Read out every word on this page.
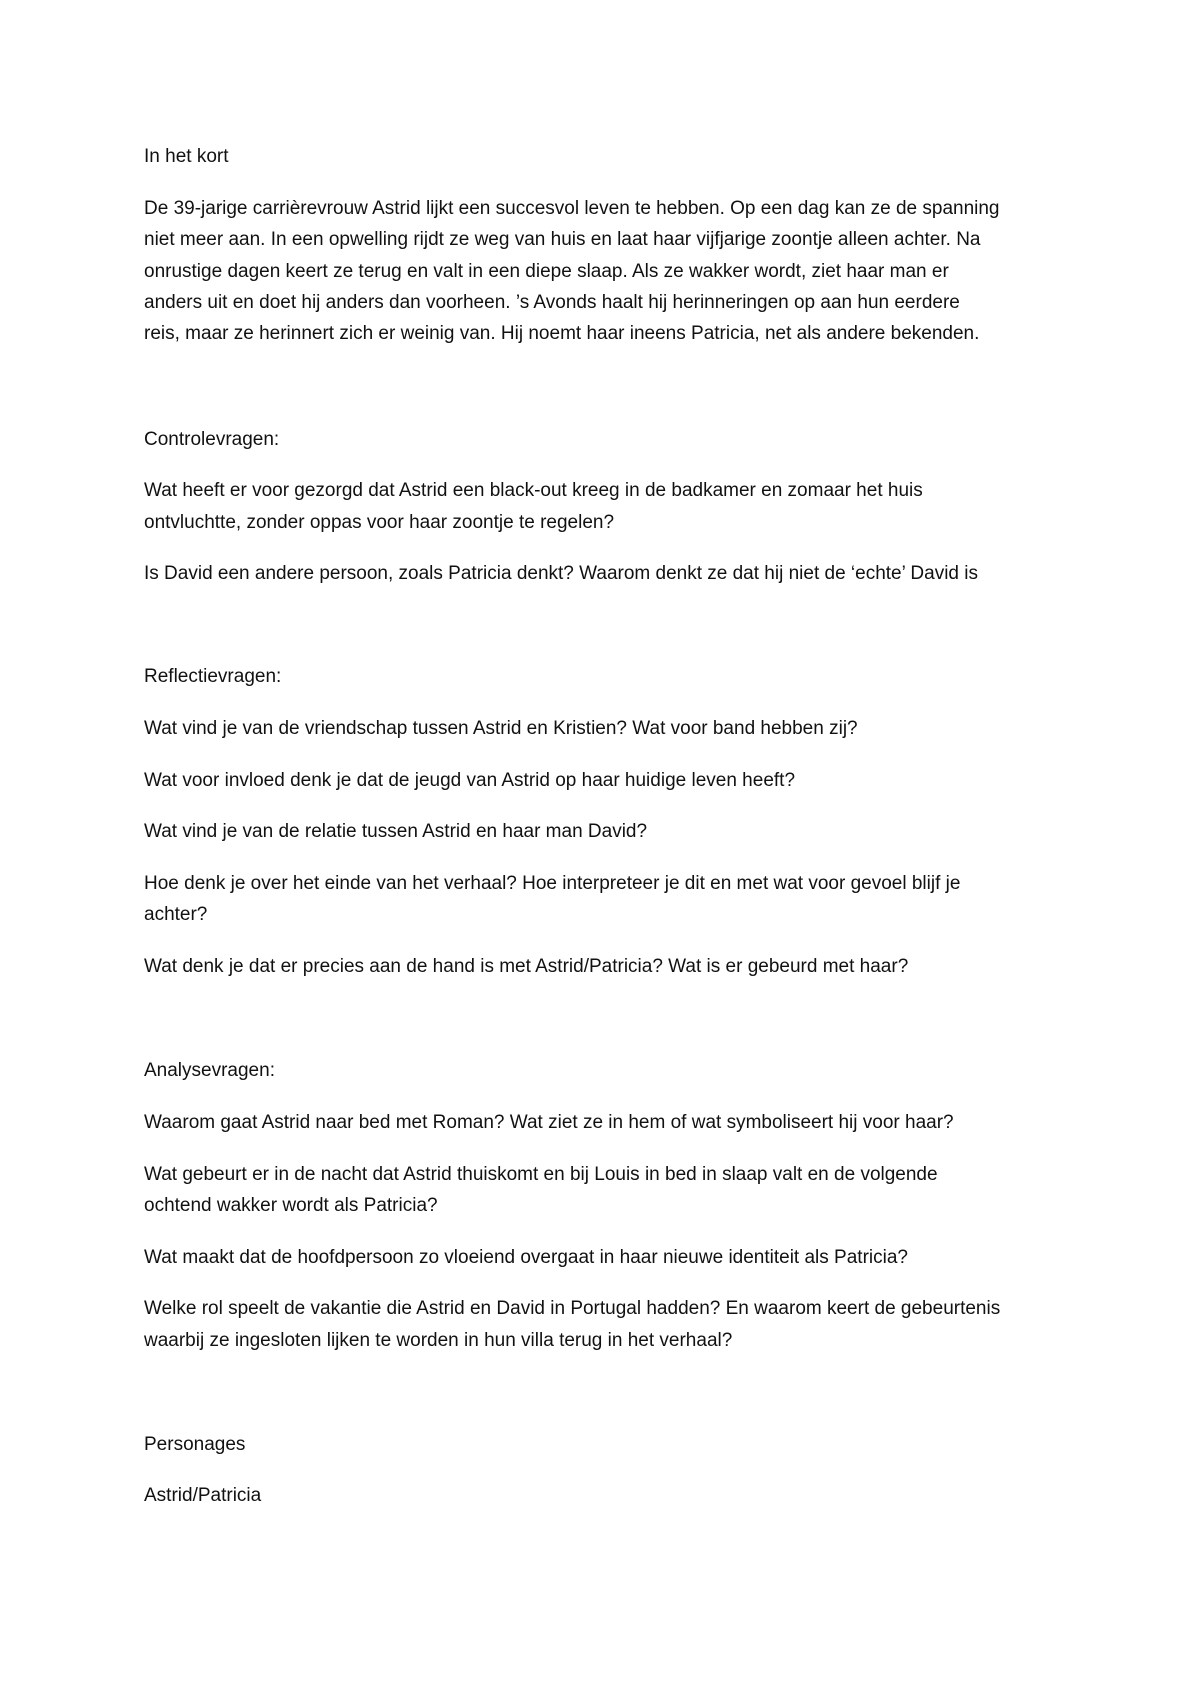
In het kort

De 39-jarige carrièrevrouw Astrid lijkt een succesvol leven te hebben. Op een dag kan ze de spanning

niet meer aan. In een opwelling rijdt ze weg van huis en laat haar vijfjarige zoontje alleen achter. Na

onrustige dagen keert ze terug en valt in een diepe slaap. Als ze wakker wordt, ziet haar man er

anders uit en doet hij anders dan voorheen. ’s Avonds haalt hij herinneringen op aan hun eerdere

reis, maar ze herinnert zich er weinig van. Hij noemt haar ineens Patricia, net als andere bekenden.

Controlevragen:

Wat heeft er voor gezorgd dat Astrid een black-out kreeg in de badkamer en zomaar het huis

ontvluchtte, zonder oppas voor haar zoontje te regelen?

Is David een andere persoon, zoals Patricia denkt? Waarom denkt ze dat hij niet de ‘echte’ David is

Reflectievragen:

Wat vind je van de vriendschap tussen Astrid en Kristien? Wat voor band hebben zij?

Wat voor invloed denk je dat de jeugd van Astrid op haar huidige leven heeft?

Wat vind je van de relatie tussen Astrid en haar man David?

Hoe denk je over het einde van het verhaal? Hoe interpreteer je dit en met wat voor gevoel blijf je

achter?

Wat denk je dat er precies aan de hand is met Astrid/Patricia? Wat is er gebeurd met haar?

Analysevragen:

Waarom gaat Astrid naar bed met Roman? Wat ziet ze in hem of wat symboliseert hij voor haar?

Wat gebeurt er in de nacht dat Astrid thuiskomt en bij Louis in bed in slaap valt en de volgende

ochtend wakker wordt als Patricia?

Wat maakt dat de hoofdpersoon zo vloeiend overgaat in haar nieuwe identiteit als Patricia?

Welke rol speelt de vakantie die Astrid en David in Portugal hadden? En waarom keert de gebeurtenis

waarbij ze ingesloten lijken te worden in hun villa terug in het verhaal?

Personages

Astrid/Patricia
